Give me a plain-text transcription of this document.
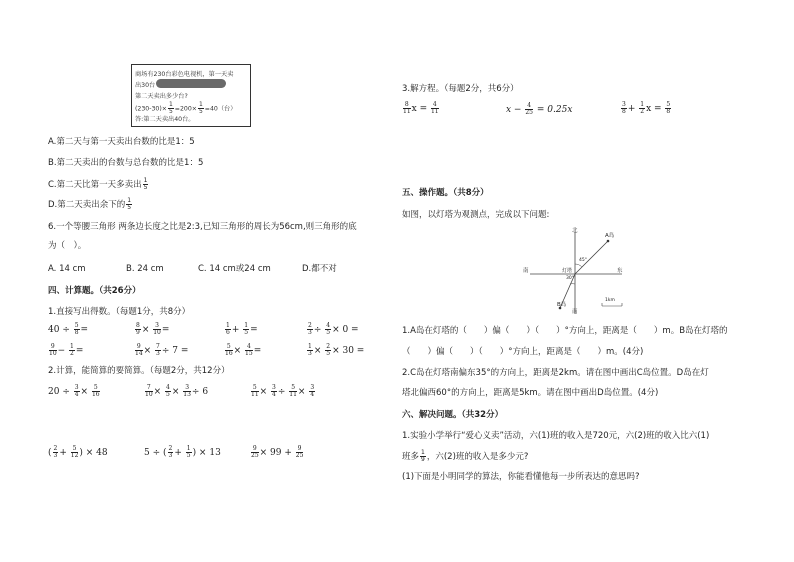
商场有230台彩色电视机，第一天卖
出30台
第二天卖出多少台?
$(230-30)\times \frac{1}{5} =200\times \frac{1}{5} =40$（台）
答:第二天卖出40台。
A.第二天与第一天卖出台数的比是1：5
B.第二天卖出的台数与总台数的比是1：5
C.第二天比第一天多卖出 $\frac{1}{5}$
D.第二天卖出余下的 $\frac{1}{5}$
6.一个等腰三角形 两条边长度之比是2:3,已知三角形的周长为56cm,则三角形的底
为（　）。
A. 14 cm	B. 24 cm	C. 14 cm或24 cm	D.都不对
四、计算题。（共26分）
1.直接写出得数。（每题1分，共8分）
$40 \div \frac{5}{8}$ =	$\frac{8}{9} \times \frac{3}{10}$ =	$\frac{1}{6} + \frac{1}{5}$ =	$\frac{2}{3} \div \frac{4}{5} \times 0$ =
$\frac{9}{10} - \frac{1}{2}$ =	$\frac{9}{14} \times \frac{7}{3} \div 7$ =	$\frac{5}{16} \times \frac{4}{15}$ =	$\frac{1}{3} \times \frac{2}{5} \times 30$ =
2.计算，能简算的要简算。（每题2分，共12分）
$20 \div \frac{3}{4} \times \frac{5}{16}$	$\frac{7}{10} \times \frac{4}{5} \times \frac{3}{13} \div 6$	$\frac{5}{11} \times \frac{3}{4} \div \frac{5}{11} \times \frac{3}{4}$
( $\frac{2}{3} + \frac{5}{12}$ ) × 48	5 ÷ ( $\frac{2}{3} + \frac{1}{5}$ ) × 13	$\frac{9}{25} \times 99 + \frac{9}{25}$
3.解方程。（每题2分，共6分）
$\frac{8}{11}$ $x = \frac{4}{11}$	$x - \frac{4}{25} = 0.25x$	$\frac{3}{8} + \frac{1}{2}$ $x = \frac{5}{8}$
五、操作题。（共8分）
如图，以灯塔为观测点，完成以下问题:
北
南
南	东
灯塔
A岛
B岛
45°
30°
1km
1.A岛在灯塔的（　　）偏（　　）（　　）°方向上，距离是（　　）m。B岛在灯塔的
（　　）偏（　　）（　　）°方向上，距离是（　　）m。(4分)
2.C岛在灯塔南偏东35°的方向上，距离是2km。请在图中画出C岛位置。D岛在灯
塔北偏西60°的方向上，距离是5km。请在图中画出D岛位置。(4分)
六、解决问题。（共32分）
1.实验小学举行“爱心义卖”活动，六(1)班的收入是720元，六(2)班的收入比六(1)
班多 $\frac{1}{9}$ ，六(2)班的收入是多少元?
(1)下面是小明同学的算法，你能看懂他每一步所表达的意思吗?
